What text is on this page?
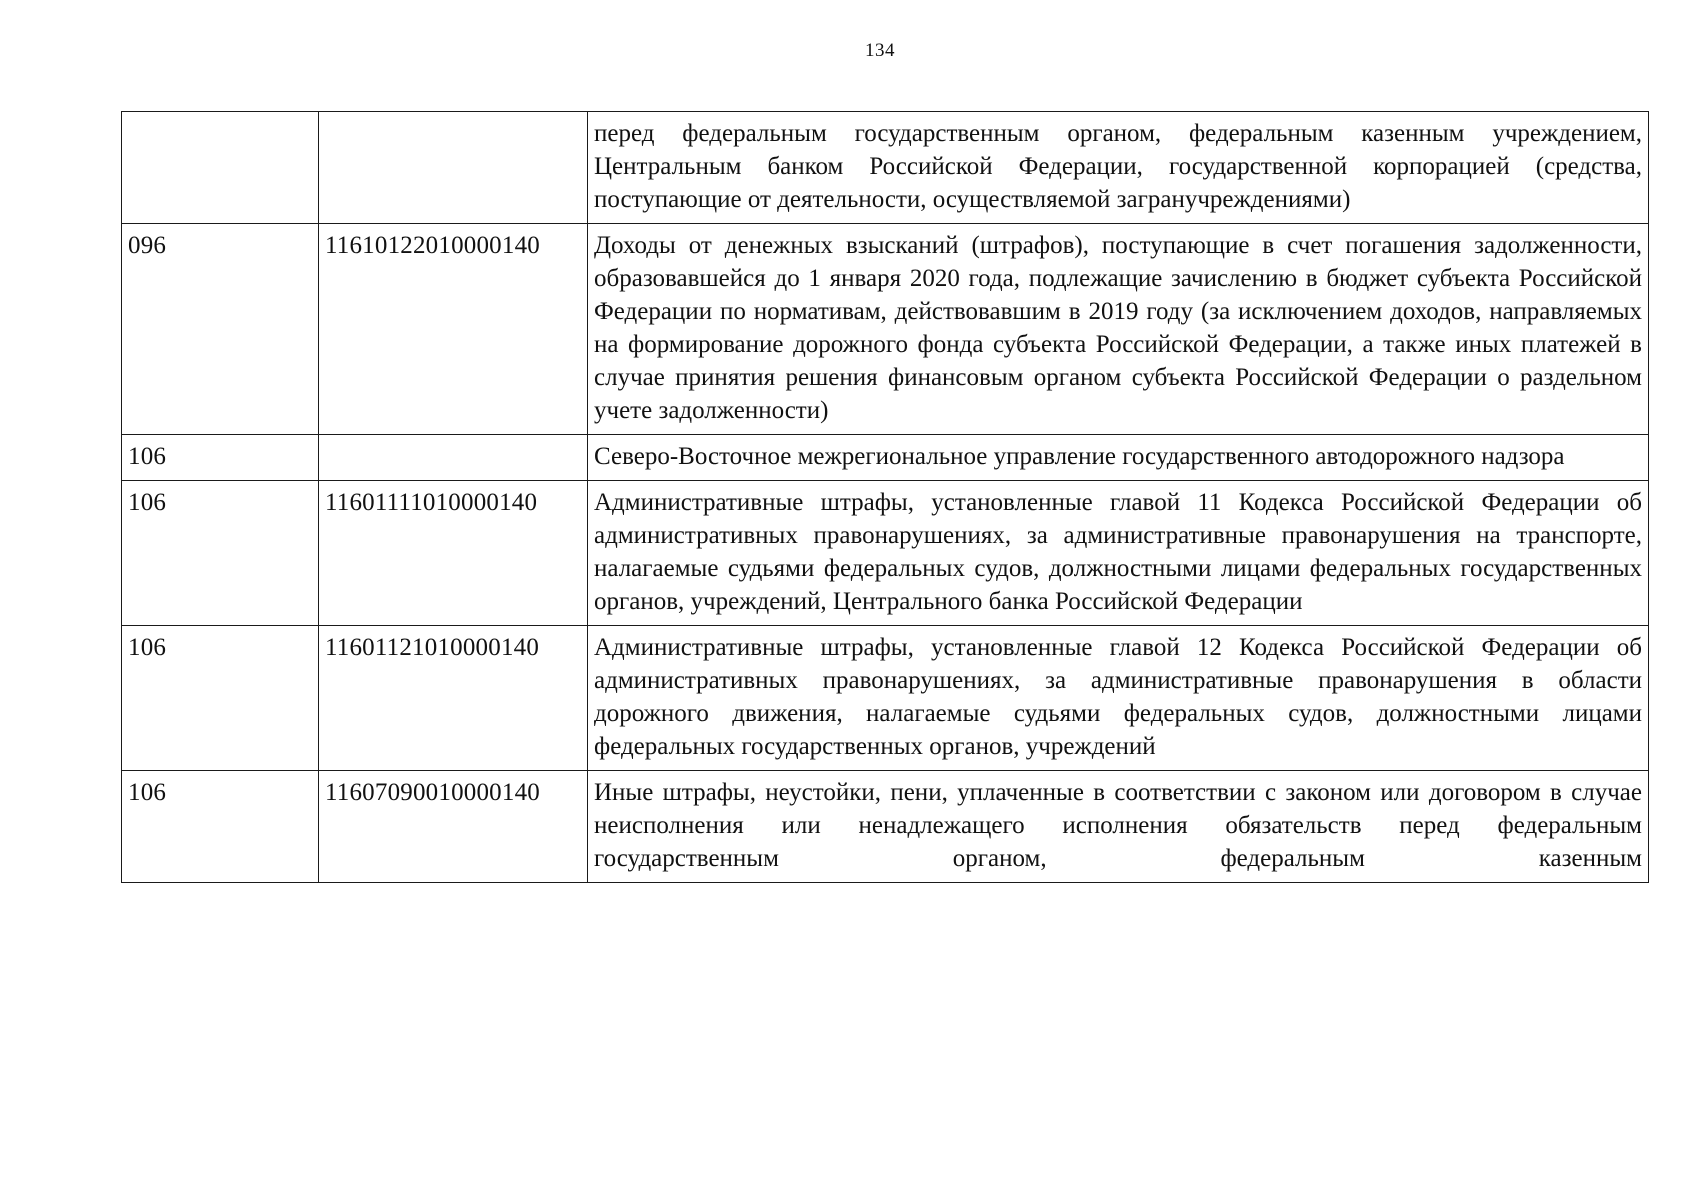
134
		перед федеральным государственным органом, федеральным казенным учреждением, Центральным банком Российской Федерации, государственной корпорацией (средства, поступающие от деятельности, осуществляемой загранучреждениями)
096	11610122010000140	Доходы от денежных взысканий (штрафов), поступающие в счет погашения задолженности, образовавшейся до 1 января 2020 года, подлежащие зачислению в бюджет субъекта Российской Федерации по нормативам, действовавшим в 2019 году (за исключением доходов, направляемых на формирование дорожного фонда субъекта Российской Федерации, а также иных платежей в случае принятия решения финансовым органом субъекта Российской Федерации о раздельном учете задолженности)
106		Северо-Восточное межрегиональное управление государственного автодорожного надзора
106	11601111010000140	Административные штрафы, установленные главой 11 Кодекса Российской Федерации об административных правонарушениях, за административные правонарушения на транспорте, налагаемые судьями федеральных судов, должностными лицами федеральных государственных органов, учреждений, Центрального банка Российской Федерации
106	11601121010000140	Административные штрафы, установленные главой 12 Кодекса Российской Федерации об административных правонарушениях, за административные правонарушения в области дорожного движения, налагаемые судьями федеральных судов, должностными лицами федеральных государственных органов, учреждений
106	11607090010000140	Иные штрафы, неустойки, пени, уплаченные в соответствии с законом или договором в случае неисполнения или ненадлежащего исполнения обязательств перед федеральным государственным органом, федеральным казенным
